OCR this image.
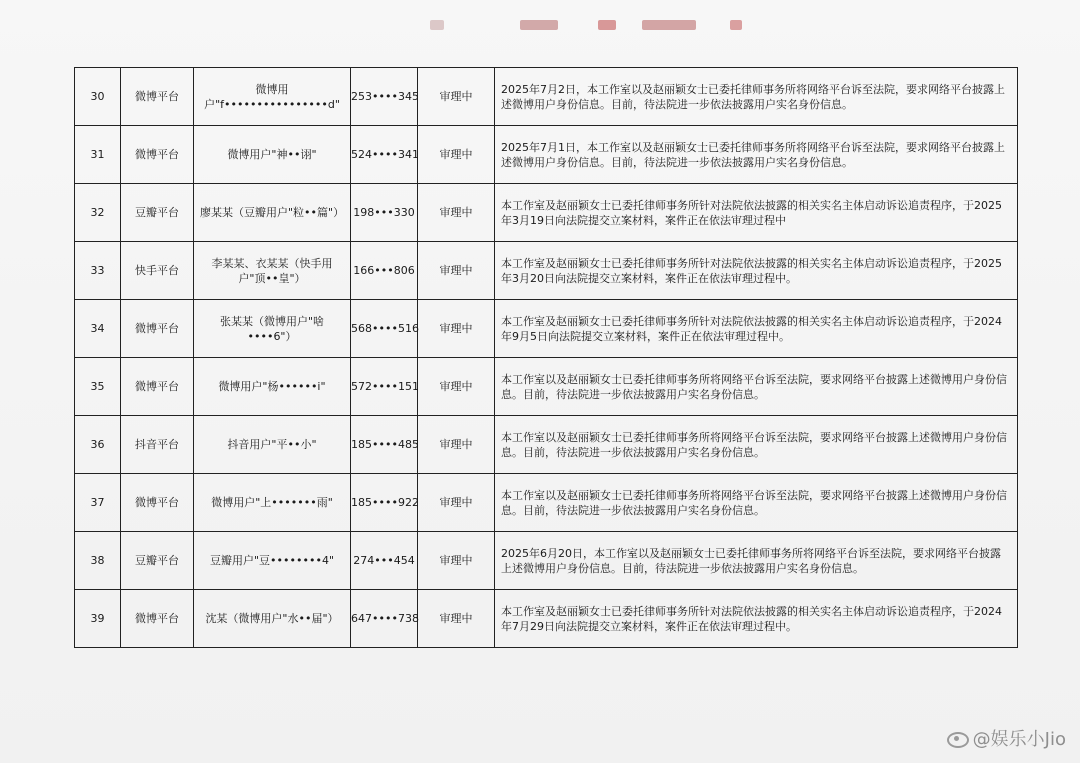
30	微博平台	微博用户"f••••••••••••••••d"	253••••345	审理中	2025年7月2日，本工作室以及赵丽颖女士已委托律师事务所将网络平台诉至法院，要求网络平台披露上述微博用户身份信息。目前，待法院进一步依法披露用户实名身份信息。
31	微博平台	微博用户"神••诩"	524••••341	审理中	2025年7月1日，本工作室以及赵丽颖女士已委托律师事务所将网络平台诉至法院，要求网络平台披露上述微博用户身份信息。目前，待法院进一步依法披露用户实名身份信息。
32	豆瓣平台	廖某某（豆瓣用户"粒••篇"）	198•••330	审理中	本工作室及赵丽颖女士已委托律师事务所针对法院依法披露的相关实名主体启动诉讼追责程序，于2025年3月19日向法院提交立案材料，案件正在依法审理过程中
33	快手平台	李某某、衣某某（快手用户"顶••皇"）	166•••806	审理中	本工作室及赵丽颖女士已委托律师事务所针对法院依法披露的相关实名主体启动诉讼追责程序，于2025年3月20日向法院提交立案材料，案件正在依法审理过程中。
34	微博平台	张某某（微博用户"啥••••6"）	568••••516	审理中	本工作室及赵丽颖女士已委托律师事务所针对法院依法披露的相关实名主体启动诉讼追责程序，于2024年9月5日向法院提交立案材料，案件正在依法审理过程中。
35	微博平台	微博用户"杨••••••i"	572••••151	审理中	本工作室以及赵丽颖女士已委托律师事务所将网络平台诉至法院，要求网络平台披露上述微博用户身份信息。目前，待法院进一步依法披露用户实名身份信息。
36	抖音平台	抖音用户"平••小"	185••••485	审理中	本工作室以及赵丽颖女士已委托律师事务所将网络平台诉至法院，要求网络平台披露上述微博用户身份信息。目前，待法院进一步依法披露用户实名身份信息。
37	微博平台	微博用户"上•••••••雨"	185••••922	审理中	本工作室以及赵丽颖女士已委托律师事务所将网络平台诉至法院，要求网络平台披露上述微博用户身份信息。目前，待法院进一步依法披露用户实名身份信息。
38	豆瓣平台	豆瓣用户"豆••••••••4"	274•••454	审理中	2025年6月20日，本工作室以及赵丽颖女士已委托律师事务所将网络平台诉至法院，要求网络平台披露上述微博用户身份信息。目前，待法院进一步依法披露用户实名身份信息。
39	微博平台	沈某（微博用户"水••届"）	647••••738	审理中	本工作室及赵丽颖女士已委托律师事务所针对法院依法披露的相关实名主体启动诉讼追责程序，于2024年7月29日向法院提交立案材料，案件正在依法审理过程中。
@娱乐小Jio
